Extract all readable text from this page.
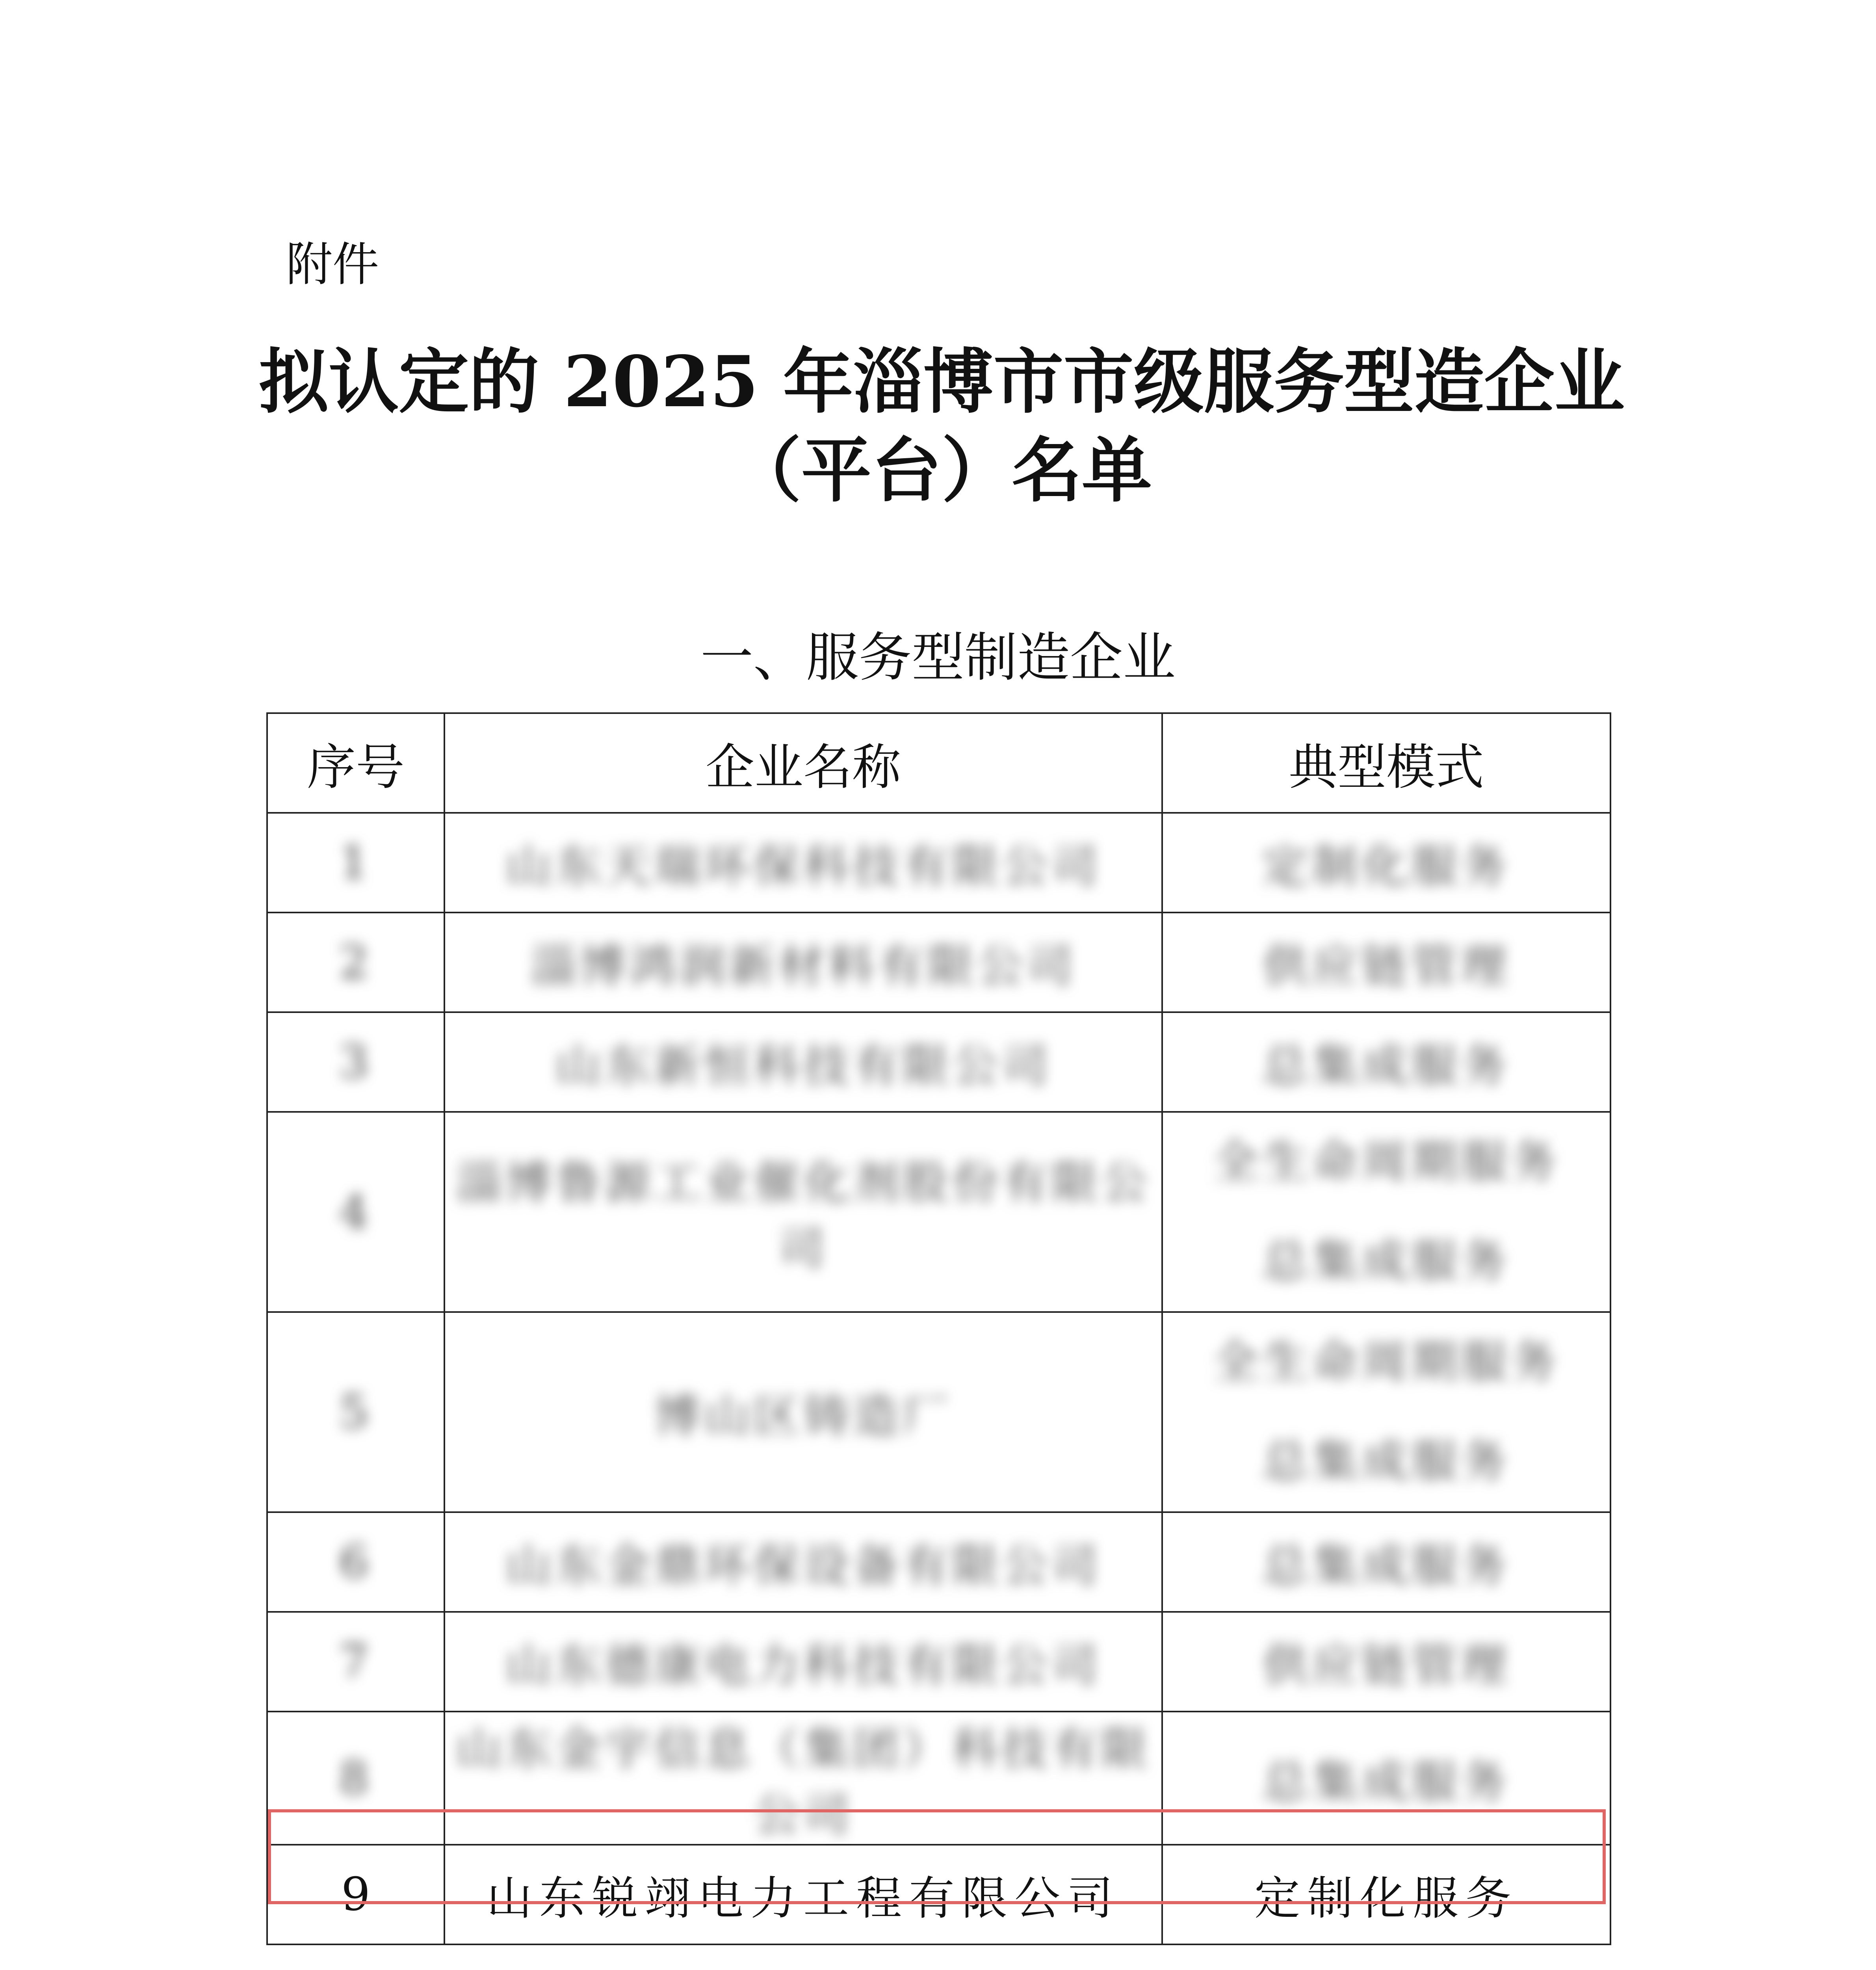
附件
拟认定的 2025 年淄博市市级服务型造企业
（平台）名单
一、服务型制造企业
序号	企业名称	典型模式
1	山东天瑞环保科技有限公司	定制化服务
2	淄博鸿润新材料有限公司	供应链管理
3	山东新恒科技有限公司	总集成服务
4	淄博鲁源工业催化剂股份有限公司	全生命周期服务
总集成服务

5	博山区铸造厂	全生命周期服务
总集成服务

6	山东金鼎环保设备有限公司	总集成服务
7	山东德康电力科技有限公司	供应链管理
8	山东金宇信息（集团）科技有限公司	总集成服务
9	山东锐翊电力工程有限公司	定制化服务
